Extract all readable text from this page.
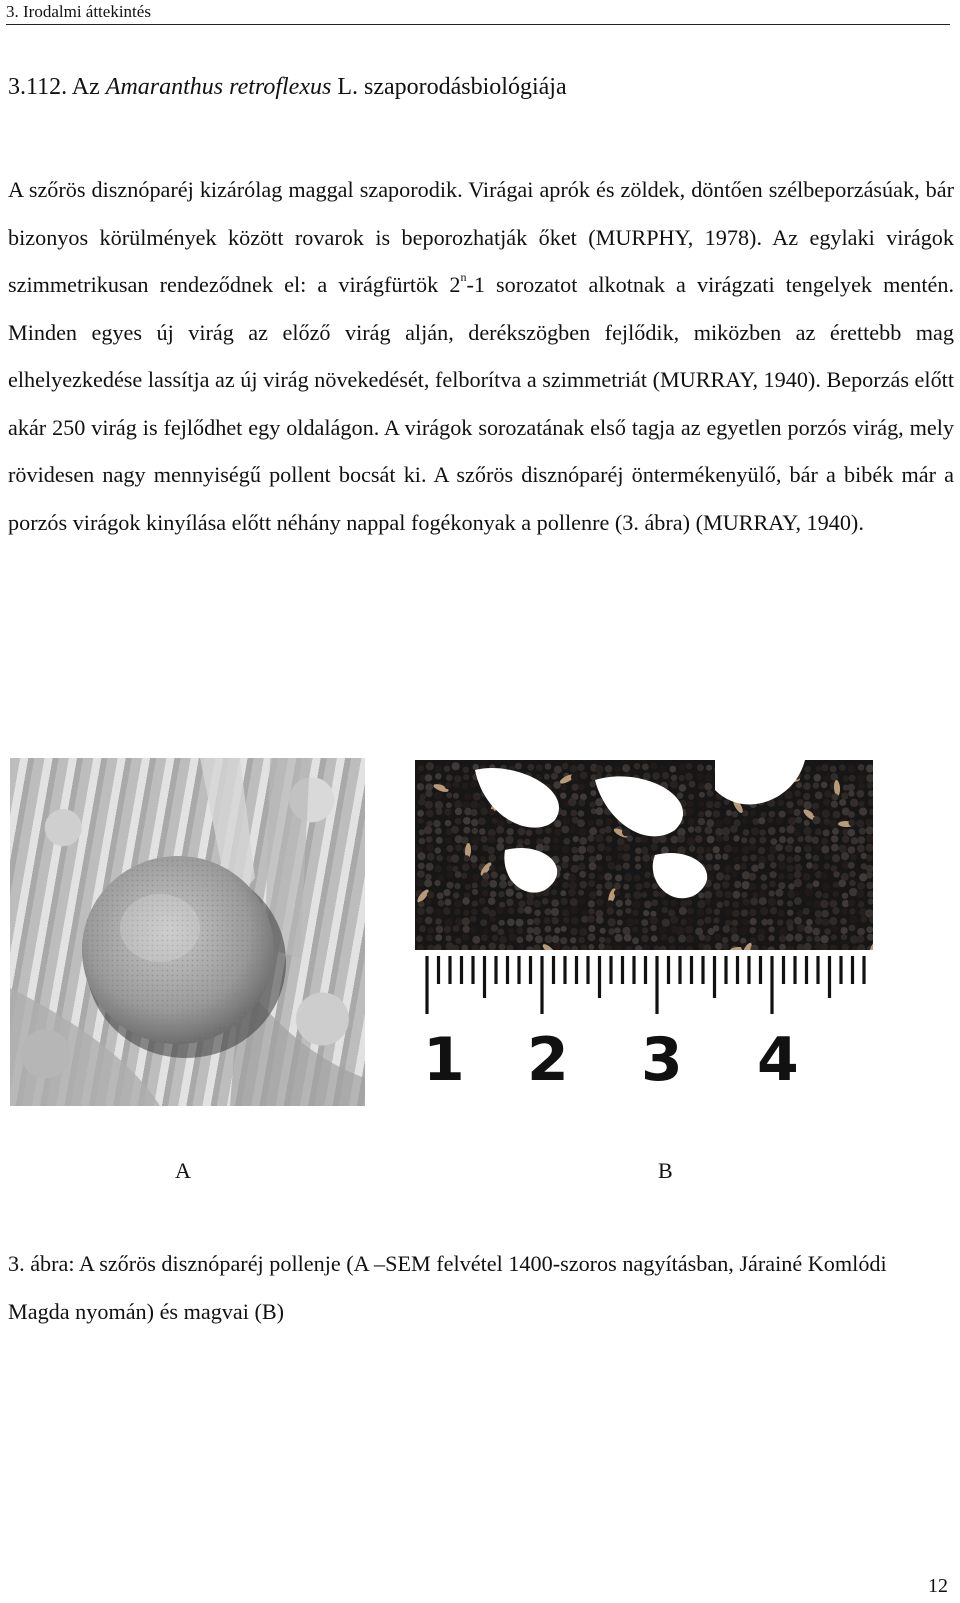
3. Irodalmi áttekintés
3.112. Az Amaranthus retroflexus L. szaporodásbiológiája

A szőrös disznóparéj kizárólag maggal szaporodik. Virágai aprók és zöldek, döntően szélbeporzásúak, bár bizonyos körülmények között rovarok is beporozhatják őket (MURPHY, 1978). Az egylaki virágok szimmetrikusan rendeződnek el: a virágfürtök 2$^n$-1 sorozatot alkotnak a virágzati tengelyek mentén. Minden egyes új virág az előző virág alján, derékszögben fejlődik, miközben az érettebb mag elhelyezkedése lassítja az új virág növekedését, felborítva a szimmetriát (MURRAY, 1940). Beporzás előtt akár 250 virág is fejlődhet egy oldalágon. A virágok sorozatának első tagja az egyetlen porzós virág, mely rövidesen nagy mennyiségű pollent bocsát ki. A szőrös disznóparéj öntermékenyülő, bár a bibék már a porzós virágok kinyílása előtt néhány nappal fogékonyak a pollenre (3. ábra) (MURRAY, 1940).

1 2 3 4
A	B

3. ábra: A szőrös disznóparéj pollenje (A –SEM felvétel 1400-szoros nagyításban, Járainé Komlódi Magda nyomán) és magvai (B)

12
